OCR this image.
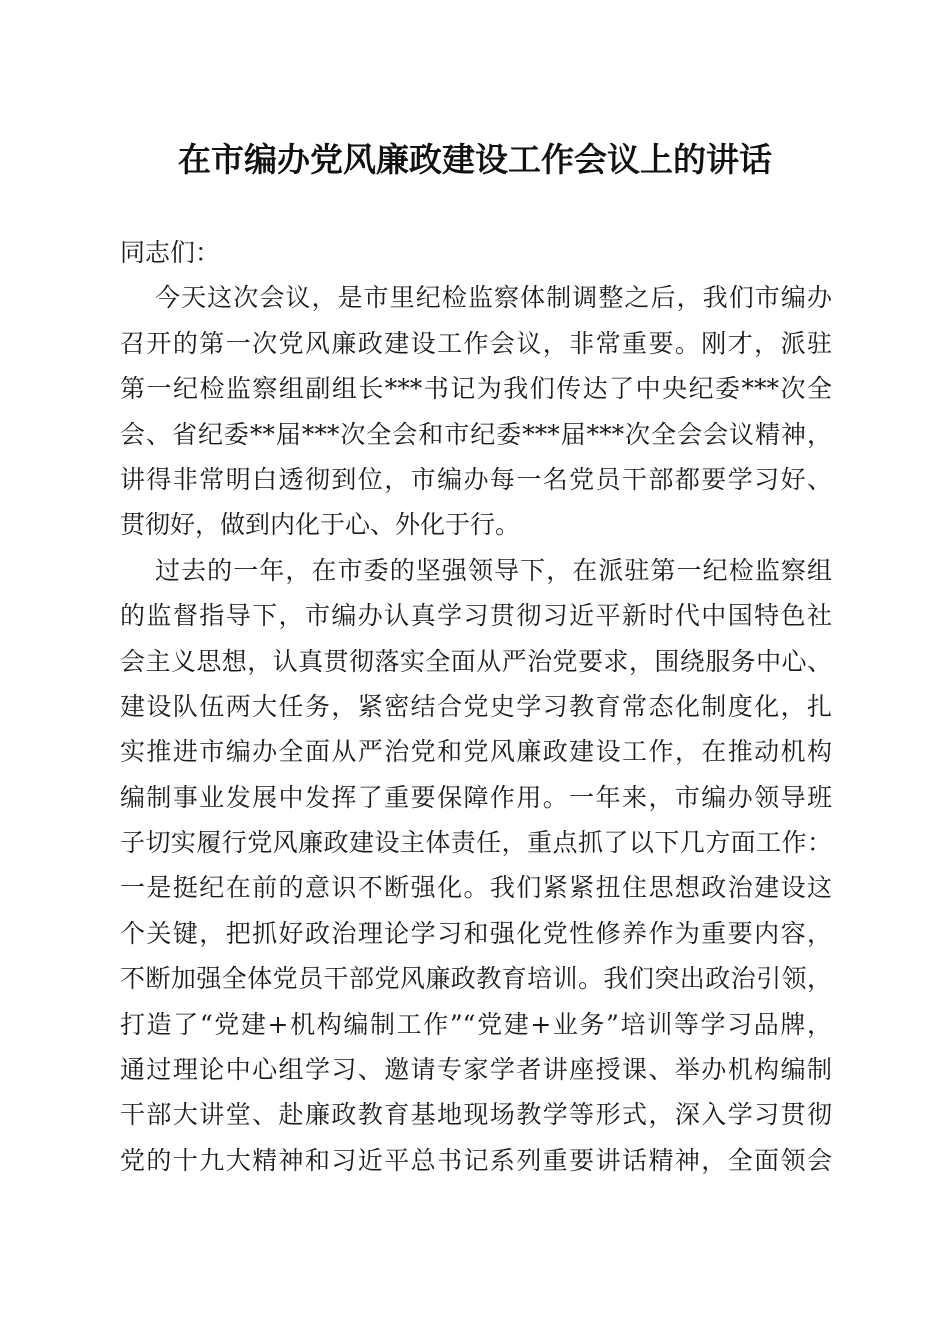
在市编办党风廉政建设工作会议上的讲话
同志们：
今天这次会议，是市里纪检监察体制调整之后，我们市编办
召开的第一次党风廉政建设工作会议，非常重要。刚才，派驻
第一纪检监察组副组长***书记为我们传达了中央纪委***次全
会、省纪委**届***次全会和市纪委***届***次全会会议精神，
讲得非常明白透彻到位，市编办每一名党员干部都要学习好、
贯彻好，做到内化于心、外化于行。
过去的一年，在市委的坚强领导下，在派驻第一纪检监察组
的监督指导下，市编办认真学习贯彻习近平新时代中国特色社
会主义思想，认真贯彻落实全面从严治党要求，围绕服务中心、
建设队伍两大任务，紧密结合党史学习教育常态化制度化，扎
实推进市编办全面从严治党和党风廉政建设工作，在推动机构
编制事业发展中发挥了重要保障作用。一年来，市编办领导班
子切实履行党风廉政建设主体责任，重点抓了以下几方面工作：
一是挺纪在前的意识不断强化。我们紧紧扭住思想政治建设这
个关键，把抓好政治理论学习和强化党性修养作为重要内容，
不断加强全体党员干部党风廉政教育培训。我们突出政治引领，
打造了“党建+机构编制工作”“党建+业务”培训等学习品牌，
通过理论中心组学习、邀请专家学者讲座授课、举办机构编制
干部大讲堂、赴廉政教育基地现场教学等形式，深入学习贯彻
党的十九大精神和习近平总书记系列重要讲话精神，全面领会
